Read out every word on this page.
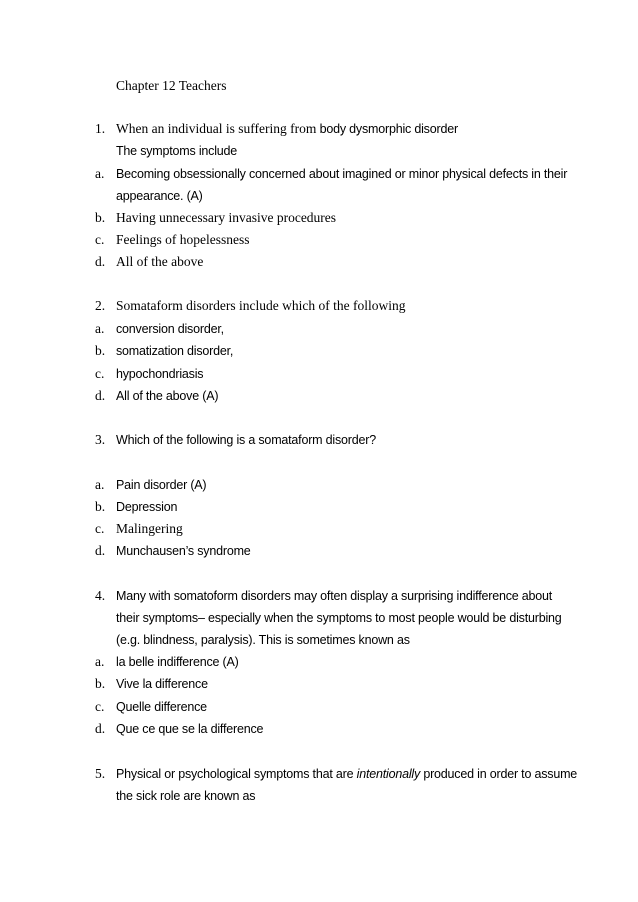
Chapter 12 Teachers
1. When an individual is suffering from body dysmorphic disorder
The symptoms include
a. Becoming obsessionally concerned about imagined or minor physical defects in their
appearance. (A)
b. Having unnecessary invasive procedures
c. Feelings of hopelessness
d. All of the above
2. Somataform disorders include which of the following
a. conversion disorder,
b. somatization disorder,
c. hypochondriasis
d. All of the above (A)
3. Which of the following is a somataform disorder?
a. Pain disorder (A)
b. Depression
c. Malingering
d. Munchausen’s syndrome
4. Many with somatoform disorders may often display a surprising indifference about
their symptoms– especially when the symptoms to most people would be disturbing
(e.g. blindness, paralysis). This is sometimes known as
a. la belle indifference (A)
b. Vive la difference
c. Quelle difference
d. Que ce que se la difference
5. Physical or psychological symptoms that are intentionally produced in order to assume
the sick role are known as
